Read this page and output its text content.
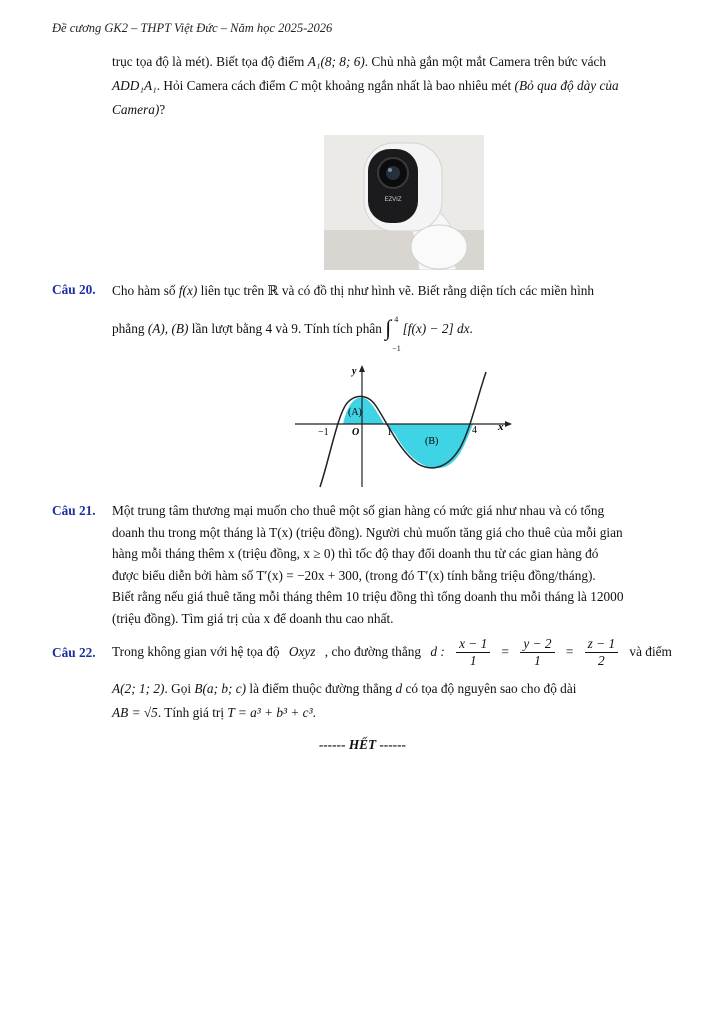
Đề cương GK2 – THPT Việt Đức – Năm học 2025-2026
trục tọa độ là mét). Biết tọa độ điểm A₁(8; 8; 6). Chủ nhà gắn một mắt Camera trên bức vách
ADD₁A₁. Hỏi Camera cách điểm C một khoảng ngắn nhất là bao nhiêu mét (Bỏ qua độ dày của
Camera)?
EZVIZ
Câu 20. Cho hàm số f(x) liên tục trên ℝ và có đồ thị như hình vẽ. Biết rằng diện tích các miền hình
phẳng (A), (B) lần lượt bằng 4 và 9. Tính tích phân ∫ 4
−1
[f(x) − 2] dx.
y
x
O
−1	1	4
(A)
(B)
Câu 21. Một trung tâm thương mại muốn cho thuê một số gian hàng có mức giá như nhau và có tổng
doanh thu trong một tháng là T(x) (triệu đồng). Người chủ muốn tăng giá cho thuê của mỗi gian
hàng mỗi tháng thêm x (triệu đồng, x ≥ 0) thì tốc độ thay đổi doanh thu từ các gian hàng đó
được biểu diễn bởi hàm số T′(x) = −20x + 300, (trong đó T′(x) tính bằng triệu đồng/tháng).
Biết rằng nếu giá thuê tăng mỗi tháng thêm 10 triệu đồng thì tổng doanh thu mỗi tháng là 12000
(triệu đồng). Tìm giá trị của x để doanh thu cao nhất.
Câu 22. Trong không gian với hệ tọa độ Oxyz , cho đường thẳng d : $\frac{x - 1}{1} = \frac{y - 2}{1} = \frac{z - 1}{2}$ và điểm
A(2; 1; 2). Gọi B(a; b; c) là điểm thuộc đường thẳng d có tọa độ nguyên sao cho độ dài
AB = √5. Tính giá trị T = a³ + b³ + c³.
------ HẾT ------
